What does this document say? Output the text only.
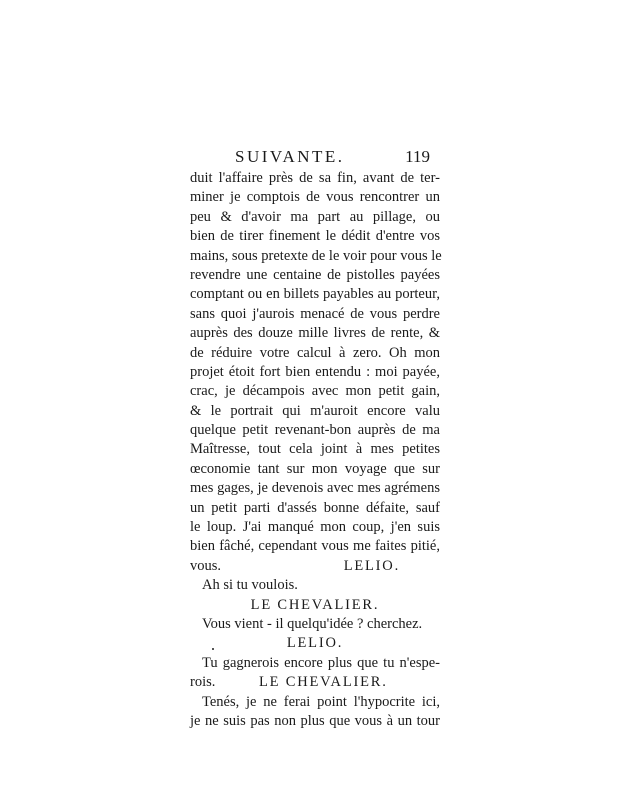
SUIVANTE.	119
duit l'affaire près de sa fin, avant de ter-
miner je comptois de vous rencontrer un
peu & d'avoir ma part au pillage, ou
bien de tirer finement le dédit d'entre vos
mains, sous pretexte de le voir pour vous le
revendre une centaine de pistolles payées
comptant ou en billets payables au porteur,
sans quoi j'aurois menacé de vous perdre
auprès des douze mille livres de rente, &
de réduire votre calcul à zero. Oh mon
projet étoit fort bien entendu : moi payée,
crac, je décampois avec mon petit gain,
& le portrait qui m'auroit encore valu
quelque petit revenant-bon auprès de ma
Maîtresse, tout cela joint à mes petites
œconomie tant sur mon voyage que sur
mes gages, je devenois avec mes agrémens
un petit parti d'assés bonne défaite, sauf
le loup. J'ai manqué mon coup, j'en suis
bien fâché, cependant vous me faites pitié,
vous.	LELIO.
Ah si tu voulois.
LE CHEVALIER.
Vous vient - il quelqu'idée ? cherchez.
LELIO.
Tu gagnerois encore plus que tu n'espe-
rois.	LE CHEVALIER.
Tenés, je ne ferai point l'hypocrite ici,
je ne suis pas non plus que vous à un tour
